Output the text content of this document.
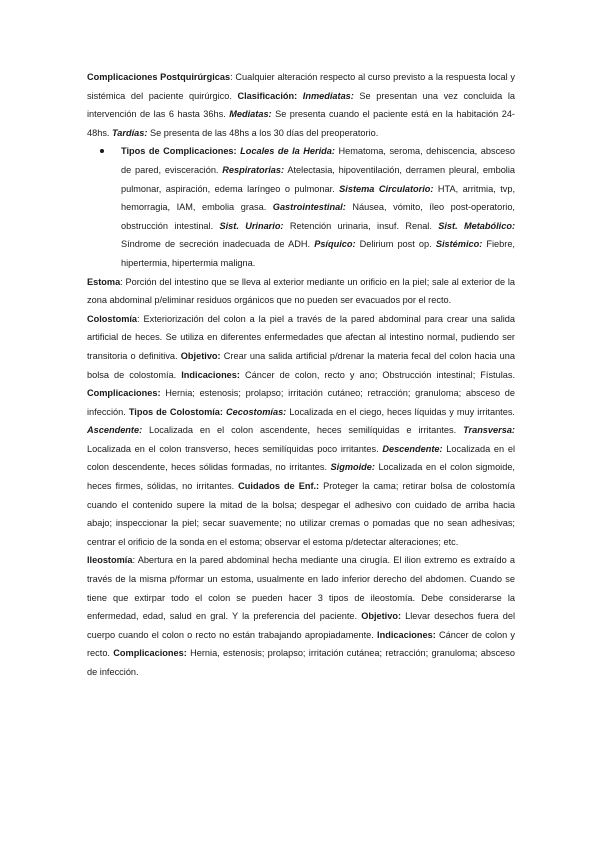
Complicaciones Postquirúrgicas: Cualquier alteración respecto al curso previsto a la respuesta local y sistémica del paciente quirúrgico. Clasificación: Inmediatas: Se presentan una vez concluida la intervención de las 6 hasta 36hs. Mediatas: Se presenta cuando el paciente está en la habitación 24-48hs. Tardías: Se presenta de las 48hs a los 30 días del preoperatorio.

Tipos de Complicaciones: Locales de la Herida: Hematoma, seroma, dehiscencia, absceso de pared, evisceración. Respiratorias: Atelectasia, hipoventilación, derramen pleural, embolia pulmonar, aspiración, edema laríngeo o pulmonar. Sistema Circulatorio: HTA, arritmia, tvp, hemorragia, IAM, embolia grasa. Gastrointestinal: Náusea, vómito, íleo post-operatorio, obstrucción intestinal. Sist. Urinario: Retención urinaria, insuf. Renal. Sist. Metabólico: Síndrome de secreción inadecuada de ADH. Psíquico: Delirium post op. Sistémico: Fiebre, hipertermia, hipertermia maligna.

Estoma: Porción del intestino que se lleva al exterior mediante un orificio en la piel; sale al exterior de la zona abdominal p/eliminar residuos orgánicos que no pueden ser evacuados por el recto.

Colostomía: Exteriorización del colon a la piel a través de la pared abdominal para crear una salida artificial de heces. Se utiliza en diferentes enfermedades que afectan al intestino normal, pudiendo ser transitoria o definitiva. Objetivo: Crear una salida artificial p/drenar la materia fecal del colon hacia una bolsa de colostomía. Indicaciones: Cáncer de colon, recto y ano; Obstrucción intestinal; Fístulas. Complicaciones: Hernia; estenosis; prolapso; irritación cutáneo; retracción; granuloma; absceso de infección. Tipos de Colostomía: Cecostomías: Localizada en el ciego, heces líquidas y muy irritantes. Ascendente: Localizada en el colon ascendente, heces semilíquidas e irritantes. Transversa: Localizada en el colon transverso, heces semilíquidas poco irritantes. Descendente: Localizada en el colon descendente, heces sólidas formadas, no irritantes. Sigmoide: Localizada en el colon sigmoide, heces firmes, sólidas, no irritantes. Cuidados de Enf.: Proteger la cama; retirar bolsa de colostomía cuando el contenido supere la mitad de la bolsa; despegar el adhesivo con cuidado de arriba hacia abajo; inspeccionar la piel; secar suavemente; no utilizar cremas o pomadas que no sean adhesivas; centrar el orificio de la sonda en el estoma; observar el estoma p/detectar alteraciones; etc.

Ileostomía: Abertura en la pared abdominal hecha mediante una cirugía. El ilion extremo es extraído a través de la misma p/formar un estoma, usualmente en lado inferior derecho del abdomen. Cuando se tiene que extirpar todo el colon se pueden hacer 3 tipos de ileostomía. Debe considerarse la enfermedad, edad, salud en gral. Y la preferencia del paciente. Objetivo: Llevar desechos fuera del cuerpo cuando el colon o recto no están trabajando apropiadamente. Indicaciones: Cáncer de colon y recto. Complicaciones: Hernia, estenosis; prolapso; irritación cutánea; retracción; granuloma; absceso de infección.
